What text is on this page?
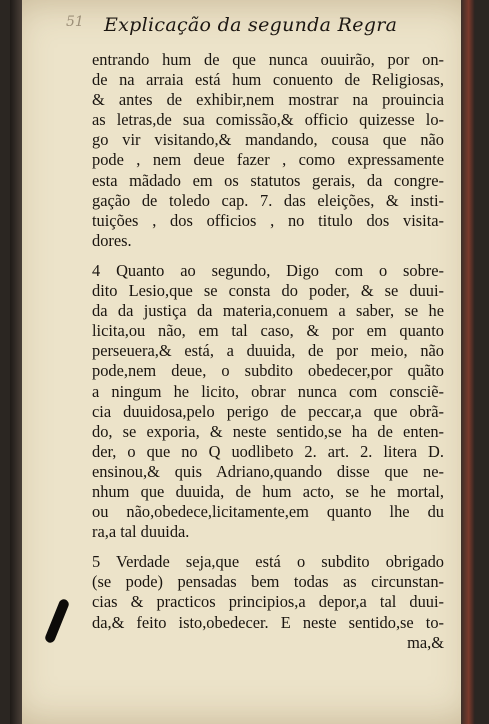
51 Explicação da segunda Regra
entrando hum de que nunca ouuirão, por on-
de na arraia está hum conuento de Religiosas,
& antes de exhibir,nem mostrar na prouincia
as letras,de sua comissão,& officio quizesse lo-
go vir visitando,& mandando, cousa que não
pode , nem deue fazer , como expressamente
esta mãdado em os statutos gerais, da congre-
gação de toledo cap. 7. das eleições, & insti-
tuições , dos officios , no titulo dos visita-
dores.
4 Quanto ao segundo, Digo com o sobre-
dito Lesio,que se consta do poder, & se duui-
da da justiça da materia,conuem a saber, se he
licita,ou não, em tal caso, & por em quanto
perseuera,& está, a duuida, de por meio, não
pode,nem deue, o subdito obedecer,por quãto
a ningum he licito, obrar nunca com consciẽ-
cia duuidosa,pelo perigo de peccar,a que obrã-
do, se exporia, & neste sentido,se ha de enten-
der, o que no Q uodlibeto 2. art. 2. litera D.
ensinou,& quis Adriano,quando disse que ne-
nhum que duuida, de hum acto, se he mortal,
ou não,obedece,licitamente,em quanto lhe du
ra,a tal duuida.
5 Verdade seja,que está o subdito obrigado
(se pode) pensadas bem todas as circunstan-
cias & practicos principios,a depor,a tal duui-
da,& feito isto,obedecer. E neste sentido,se to-
ma,&
